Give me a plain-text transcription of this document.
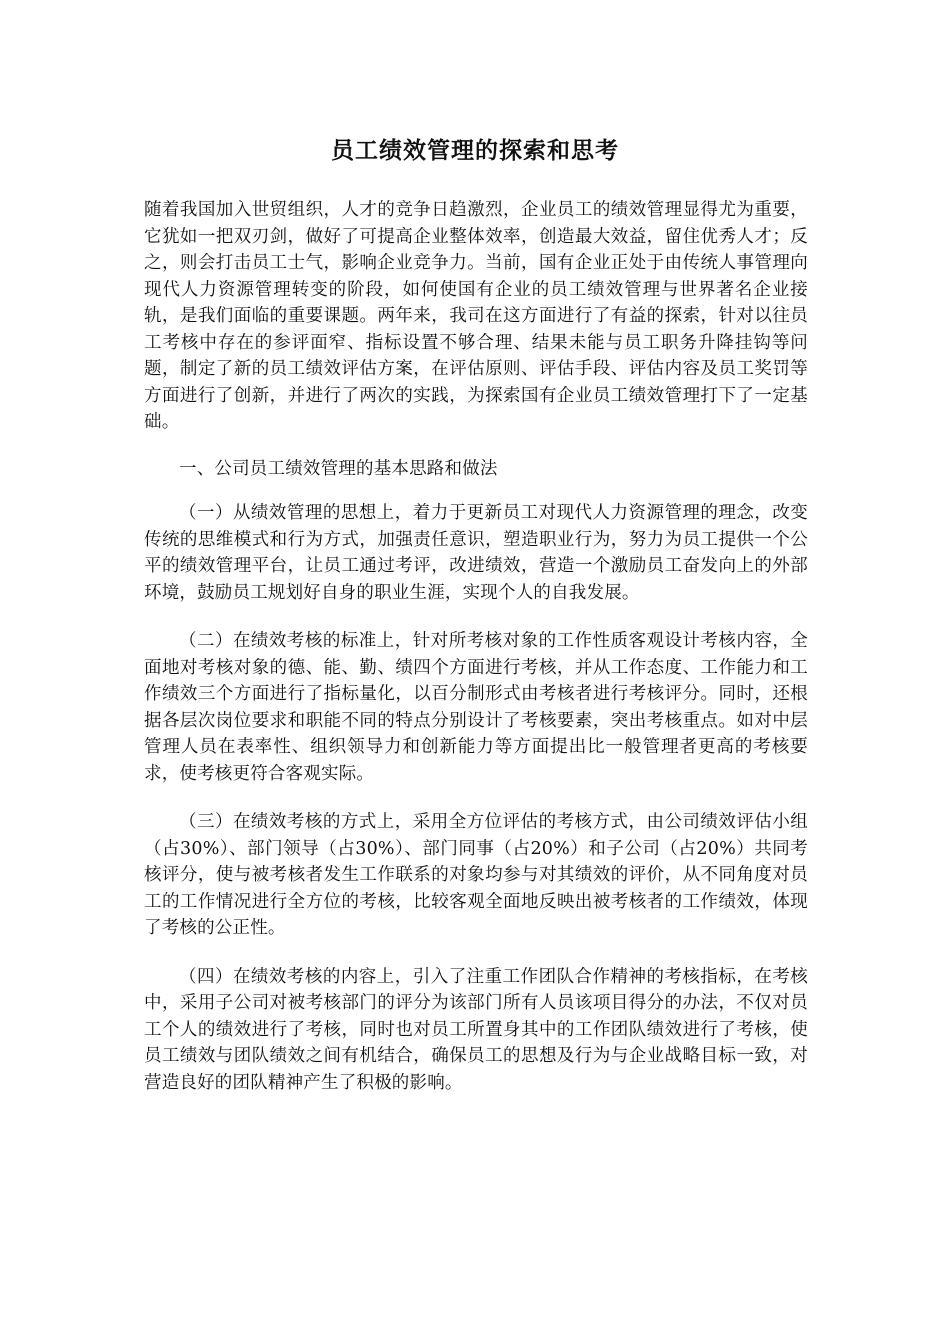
员工绩效管理的探索和思考

随着我国加入世贸组织，人才的竞争日趋激烈，企业员工的绩效管理显得尤为重要，它犹如一把双刃剑，做好了可提高企业整体效率，创造最大效益，留住优秀人才；反之，则会打击员工士气，影响企业竞争力。当前，国有企业正处于由传统人事管理向现代人力资源管理转变的阶段，如何使国有企业的员工绩效管理与世界著名企业接轨，是我们面临的重要课题。两年来，我司在这方面进行了有益的探索，针对以往员工考核中存在的参评面窄、指标设置不够合理、结果未能与员工职务升降挂钩等问题，制定了新的员工绩效评估方案，在评估原则、评估手段、评估内容及员工奖罚等方面进行了创新，并进行了两次的实践，为探索国有企业员工绩效管理打下了一定基础。

一、公司员工绩效管理的基本思路和做法

（一）从绩效管理的思想上，着力于更新员工对现代人力资源管理的理念，改变传统的思维模式和行为方式，加强责任意识，塑造职业行为，努力为员工提供一个公平的绩效管理平台，让员工通过考评，改进绩效，营造一个激励员工奋发向上的外部环境，鼓励员工规划好自身的职业生涯，实现个人的自我发展。

（二）在绩效考核的标准上，针对所考核对象的工作性质客观设计考核内容，全面地对考核对象的德、能、勤、绩四个方面进行考核，并从工作态度、工作能力和工作绩效三个方面进行了指标量化，以百分制形式由考核者进行考核评分。同时，还根据各层次岗位要求和职能不同的特点分别设计了考核要素，突出考核重点。如对中层管理人员在表率性、组织领导力和创新能力等方面提出比一般管理者更高的考核要求，使考核更符合客观实际。

（三）在绩效考核的方式上，采用全方位评估的考核方式，由公司绩效评估小组（占30%）、部门领导（占30%）、部门同事（占20%）和子公司（占20%）共同考核评分，使与被考核者发生工作联系的对象均参与对其绩效的评价，从不同角度对员工的工作情况进行全方位的考核，比较客观全面地反映出被考核者的工作绩效，体现了考核的公正性。

（四）在绩效考核的内容上，引入了注重工作团队合作精神的考核指标，在考核中，采用子公司对被考核部门的评分为该部门所有人员该项目得分的办法，不仅对员工个人的绩效进行了考核，同时也对员工所置身其中的工作团队绩效进行了考核，使员工绩效与团队绩效之间有机结合，确保员工的思想及行为与企业战略目标一致，对营造良好的团队精神产生了积极的影响。
